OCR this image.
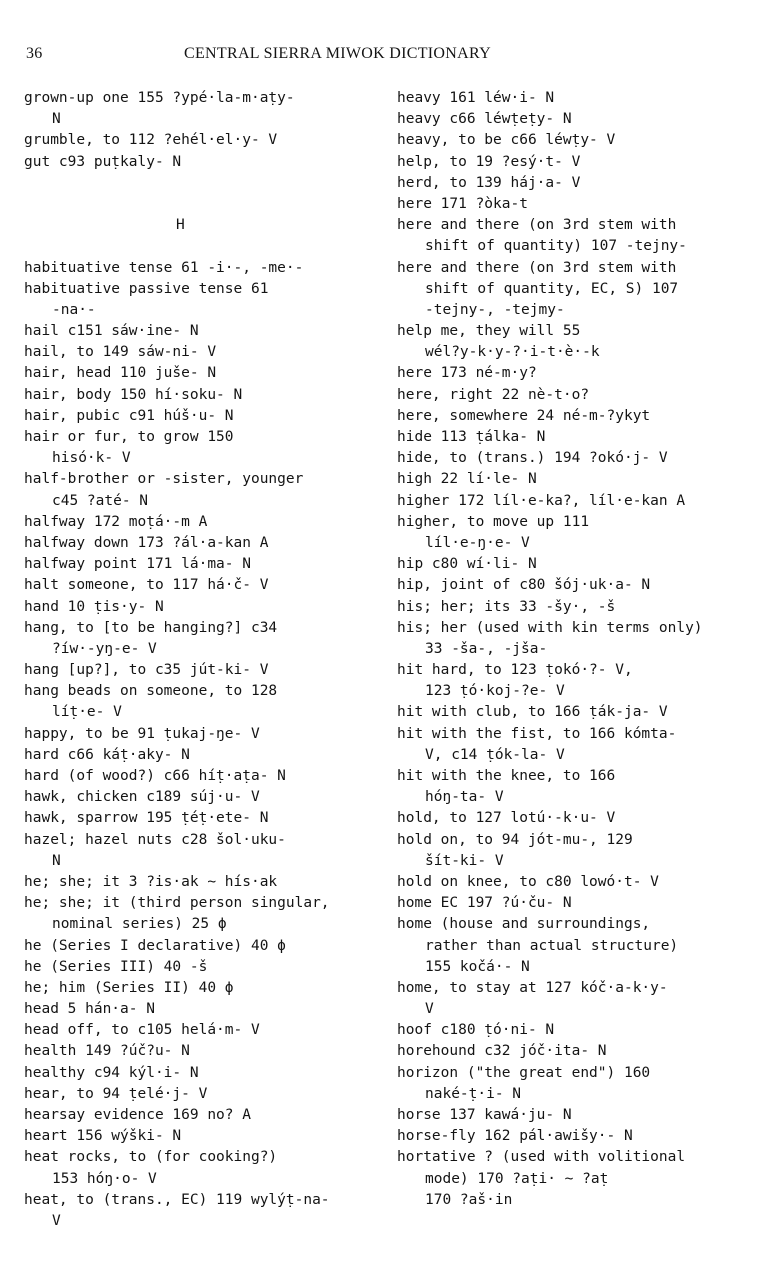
36	CENTRAL SIERRA MIWOK DICTIONARY
grown-up one 155 ?ypé·la-m·aṭy-
N
grumble, to 112 ?ehél·el·y- V
gut c93 puṭkaly- N
H
habituative tense 61 -i·-, -me·-
habituative passive tense 61
-na·-
hail c151 sáw·ine- N
hail, to 149 sáw-ni- V
hair, head 110 juše- N
hair, body 150 hí·soku- N
hair, pubic c91 húš·u- N
hair or fur, to grow 150
hisó·k- V
half-brother or -sister, younger
c45 ?até- N
halfway 172 moṭá·-m A
halfway down 173 ?ál·a-kan A
halfway point 171 lá·ma- N
halt someone, to 117 há·č- V
hand 10 ṭis·y- N
hang, to [to be hanging?] c34
?íw·-yŋ-e- V
hang [up?], to c35 jút-ki- V
hang beads on someone, to 128
líṭ·e- V
happy, to be 91 ṭukaj-ŋe- V
hard c66 káṭ·aky- N
hard (of wood?) c66 híṭ·aṭa- N
hawk, chicken c189 súj·u- V
hawk, sparrow 195 ṭéṭ·ete- N
hazel; hazel nuts c28 šol·uku-
N
he; she; it 3 ?is·ak ~ hís·ak
he; she; it (third person singular,
nominal series) 25 ϕ
he (Series I declarative) 40 ϕ
he (Series III) 40 -š
he; him (Series II) 40 ϕ
head 5 hán·a- N
head off, to c105 helá·m- V
health 149 ?úč?u- N
healthy c94 kýl·i- N
hear, to 94 ṭelé·j- V
hearsay evidence 169 no? A
heart 156 wýški- N
heat rocks, to (for cooking?)
153 hóŋ·o- V
heat, to (trans., EC) 119 wylýṭ-na-
V
heavy 161 léw·i- N
heavy c66 léwṭeṭy- N
heavy, to be c66 léwṭy- V
help, to 19 ?esý·t- V
herd, to 139 háj·a- V
here 171 ?òka-t
here and there (on 3rd stem with
shift of quantity) 107 -tejny-
here and there (on 3rd stem with
shift of quantity, EC, S) 107
-tejny-, -tejmy-
help me, they will 55
wél?y-k·y-?·i-t·è·-k
here 173 né-m·y?
here, right 22 nè-t·o?
here, somewhere 24 né-m-?ykyt
hide 113 ṭálka- N
hide, to (trans.) 194 ?okó·j- V
high 22 lí·le- N
higher 172 líl·e-ka?, líl·e-kan A
higher, to move up 111
líl·e-ŋ·e- V
hip c80 wí·li- N
hip, joint of c80 šój·uk·a- N
his; her; its 33 -šy·, -š
his; her (used with kin terms only)
33 -ša-, -jša-
hit hard, to 123 ṭokó·?- V,
123 ṭó·koj-?e- V
hit with club, to 166 ṭák-ja- V
hit with the fist, to 166 kómta-
V, c14 ṭók-la- V
hit with the knee, to 166
hóŋ-ta- V
hold, to 127 lotú·-k·u- V
hold on, to 94 jót-mu-, 129
šít-ki- V
hold on knee, to c80 lowó·t- V
home EC 197 ?ú·ču- N
home (house and surroundings,
rather than actual structure)
155 kočá·- N
home, to stay at 127 kóč·a-k·y-
V
hoof c180 ṭó·ni- N
horehound c32 jóč·ita- N
horizon ("the great end") 160
naké-ṭ·i- N
horse 137 kawá·ju- N
horse-fly 162 pál·awišy·- N
hortative ? (used with volitional
mode) 170 ?aṭi· ~ ?aṭ
170 ?aš·in
